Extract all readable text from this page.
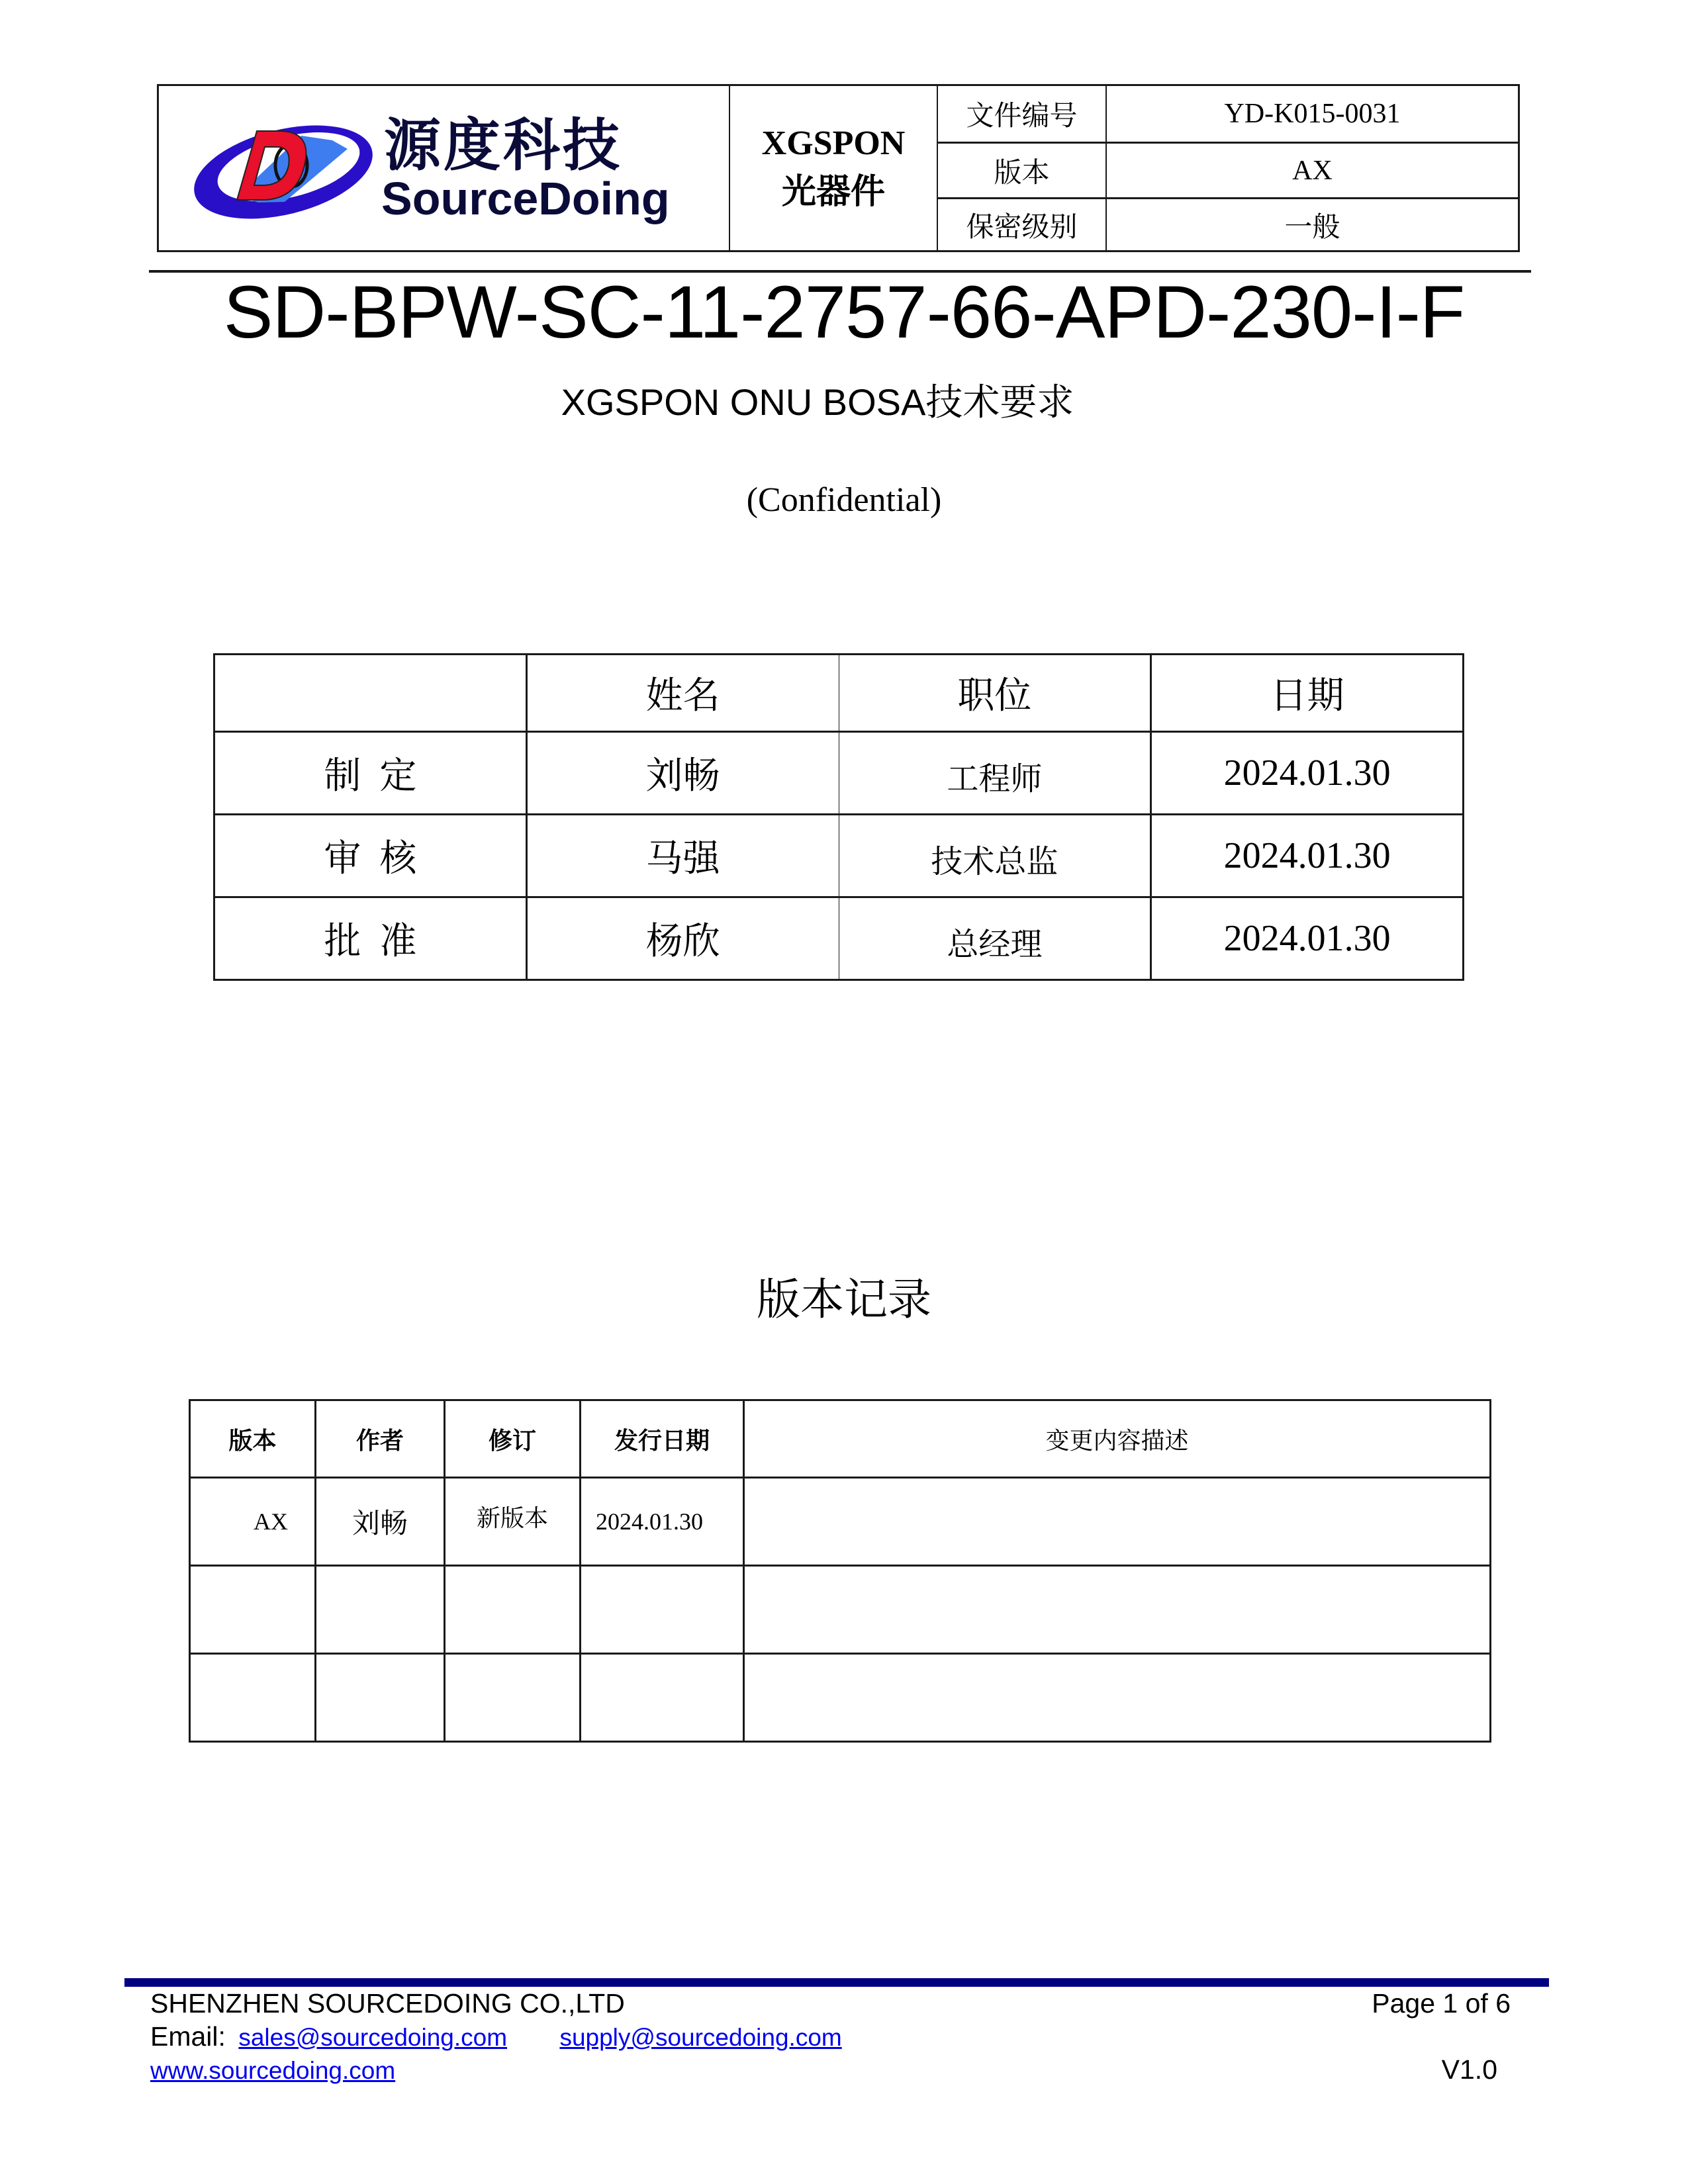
源度科技
SourceDoing
XGSPON 光器件
文件编号	YD-K015-0031
版本	AX
保密级别	一般
SD-BPW-SC-11-2757-66-APD-230-I-F
XGSPON ONU BOSA技术要求
(Confidential)
	姓名	职位	日期
制定	刘畅	工程师	2024.01.30
审核	马强	技术总监	2024.01.30
批准	杨欣	总经理	2024.01.30
版本记录
版本	作者	修订	发行日期	变更内容描述
AX	刘畅	新版本	2024.01.30	

SHENZHEN SOURCEDOING CO.,LTD	Page 1 of 6
Email: sales@sourcedoing.com supply@sourcedoing.com
www.sourcedoing.com	V1.0
